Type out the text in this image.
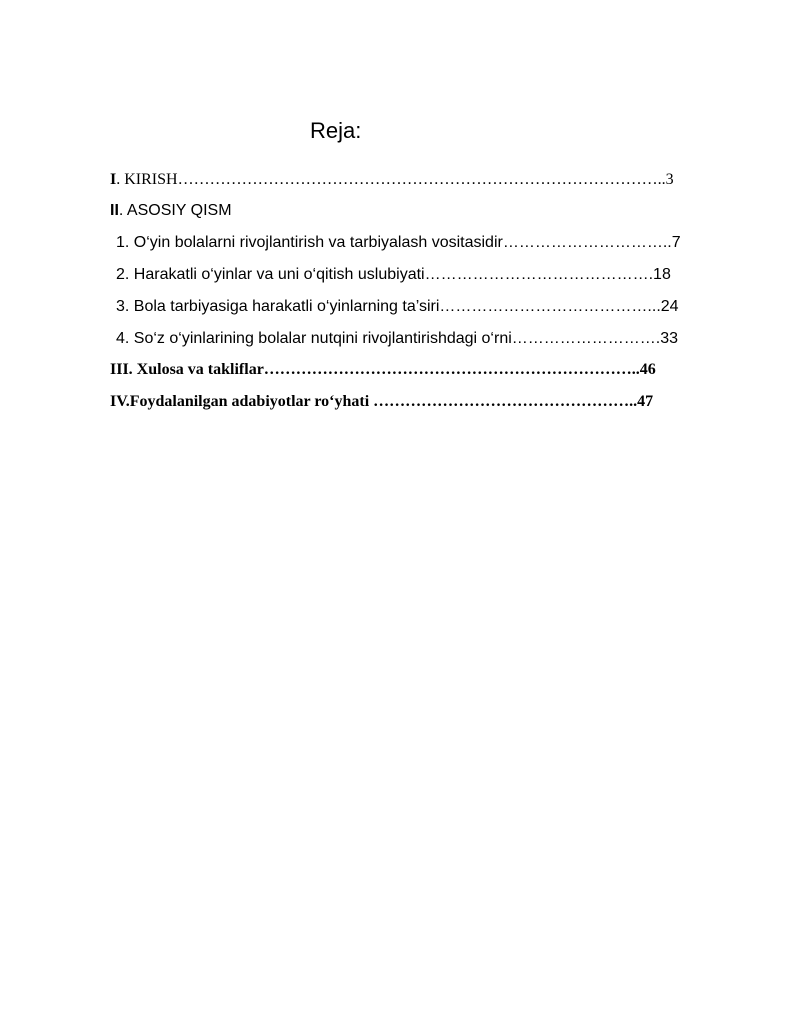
Reja:
I. KIRISH………………………………………………………………………………..3
II. ASOSIY QISM
1. O‘yin bolalarni rivojlantirish va tarbiyalash vositasidir…………………………..7
2. Harakatli o‘yinlar va uni o‘qitish uslubiyati…………………………………….18
3. Bola tarbiyasiga harakatli o‘yinlarning ta’siri…………………………………...24
4. So‘z o‘yinlarining bolalar nutqini rivojlantirishdagi o‘rni……………………….33
III. Xulosa va takliflar……………………………………………………………..46
IV.Foydalanilgan adabiyotlar ro‘yhati …………………………………………..47
